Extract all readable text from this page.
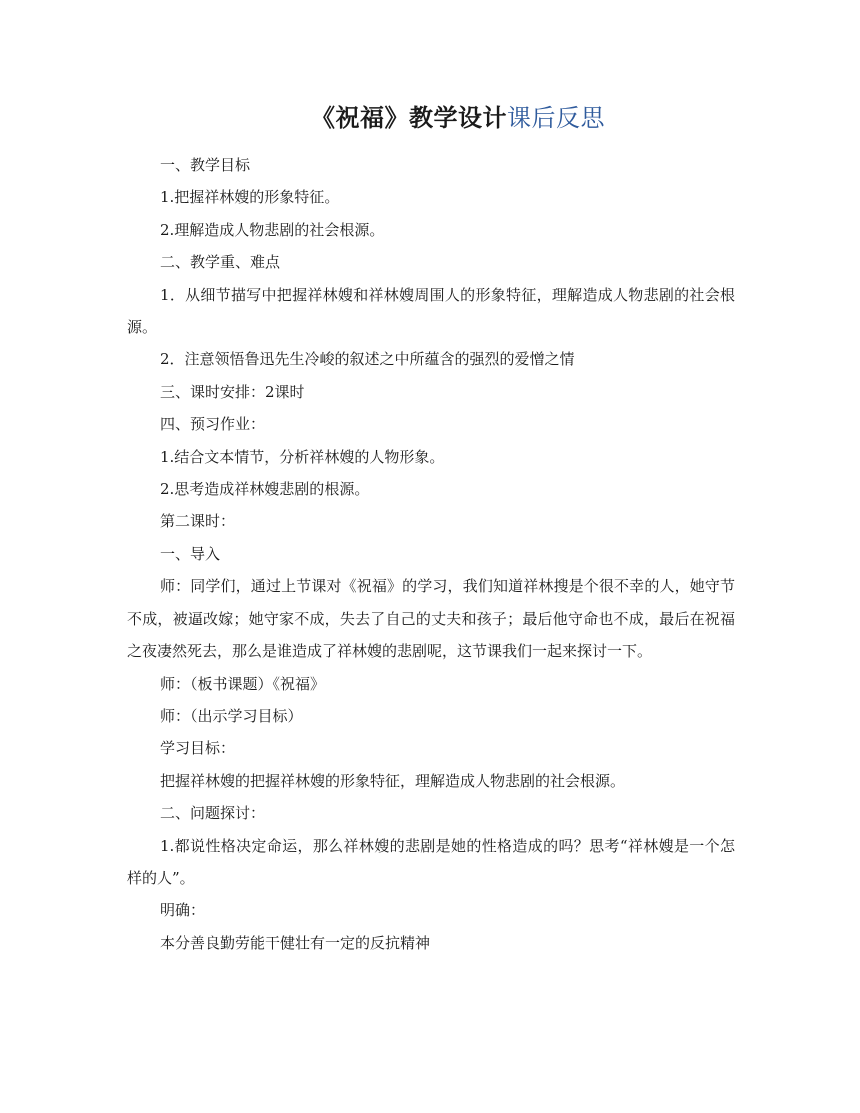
《祝福》教学设计课后反思

一、教学目标

1.把握祥林嫂的形象特征。

2.理解造成人物悲剧的社会根源。

二、教学重、难点

1．从细节描写中把握祥林嫂和祥林嫂周围人的形象特征，理解造成人物悲剧的社会根源。

2．注意领悟鲁迅先生冷峻的叙述之中所蕴含的强烈的爱憎之情

三、课时安排：2课时

四、预习作业：

1.结合文本情节，分析祥林嫂的人物形象。

2.思考造成祥林嫂悲剧的根源。

第二课时：

一、导入

师：同学们，通过上节课对《祝福》的学习，我们知道祥林搜是个很不幸的人，她守节不成，被逼改嫁；她守家不成，失去了自己的丈夫和孩子；最后他守命也不成，最后在祝福之夜凄然死去，那么是谁造成了祥林嫂的悲剧呢，这节课我们一起来探讨一下。

师：（板书课题）《祝福》

师：（出示学习目标）

学习目标：

把握祥林嫂的把握祥林嫂的形象特征，理解造成人物悲剧的社会根源。

二、问题探讨：

1.都说性格决定命运，那么祥林嫂的悲剧是她的性格造成的吗？思考“祥林嫂是一个怎样的人”。

明确：

本分善良勤劳能干健壮有一定的反抗精神
